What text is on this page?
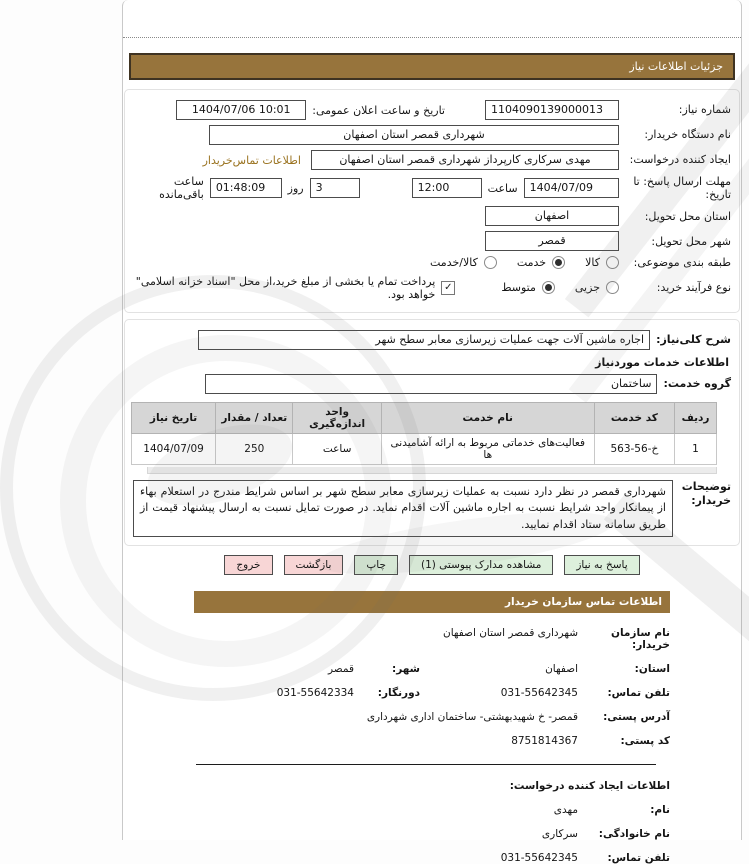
جزئیات اطلاعات نیاز
شماره نیاز:
1104090139000013
تاریخ و ساعت اعلان عمومی:
1404/07/06 10:01
نام دستگاه خریدار:
شهرداری قمصر استان اصفهان
ایجاد کننده درخواست:
مهدی سرکاری کارپرداز شهرداری قمصر استان اصفهان
اطلاعات تماس‌خریدار
مهلت ارسال پاسخ: تا تاریخ:
1404/07/09
ساعت
12:00
3
روز
01:48:09
ساعت باقی‌مانده
استان محل تحویل:
اصفهان
شهر محل تحویل:
قمصر
طبقه بندی موضوعی:
کالا
خدمت
کالا/خدمت
نوع فرآیند خرید:
جزیی
متوسط
✓
پرداخت تمام یا بخشی از مبلغ خرید،از محل "اسناد خزانه اسلامی" خواهد بود.
شرح کلی‌نیاز:
اجاره ماشین آلات جهت عملیات زیرسازی معابر سطح شهر
اطلاعات خدمات موردنیاز
گروه خدمت:
ساختمان
ردیف	کد خدمت	نام خدمت	واحد اندازه‌گیری	تعداد / مقدار	تاریخ نیاز
1	خ-56-563	فعالیت‌های خدماتی مربوط به ارائه آشامیدنی ها	ساعت	250	1404/07/09
توضیحات خریدار:
شهرداری قمصر در نظر دارد نسبت به عملیات زیرسازی معابر سطح شهر بر اساس شرایط مندرج در استعلام بهاء از پیمانکار واجد شرایط نسبت به اجاره ماشین آلات اقدام نماید. در صورت تمایل نسبت به ارسال پیشنهاد قیمت از طریق سامانه ستاد اقدام نمایید.
پاسخ به نیاز
مشاهده مدارک پیوستی (1)
چاپ
بازگشت
خروج
اطلاعات تماس سازمان خریدار
نام سازمان خریدار:
شهرداری قمصر استان اصفهان
استان:
اصفهان
شهر:
قمصر
تلفن تماس:
031-55642345
دورنگار:
031-55642334
آدرس پستی:
قمصر- خ شهیدبهشتی- ساختمان اداری شهرداری
کد پستی:
8751814367
اطلاعات ایجاد کننده درخواست:
نام:
مهدی
نام خانوادگی:
سرکاری
تلفن تماس:
031-55642345
